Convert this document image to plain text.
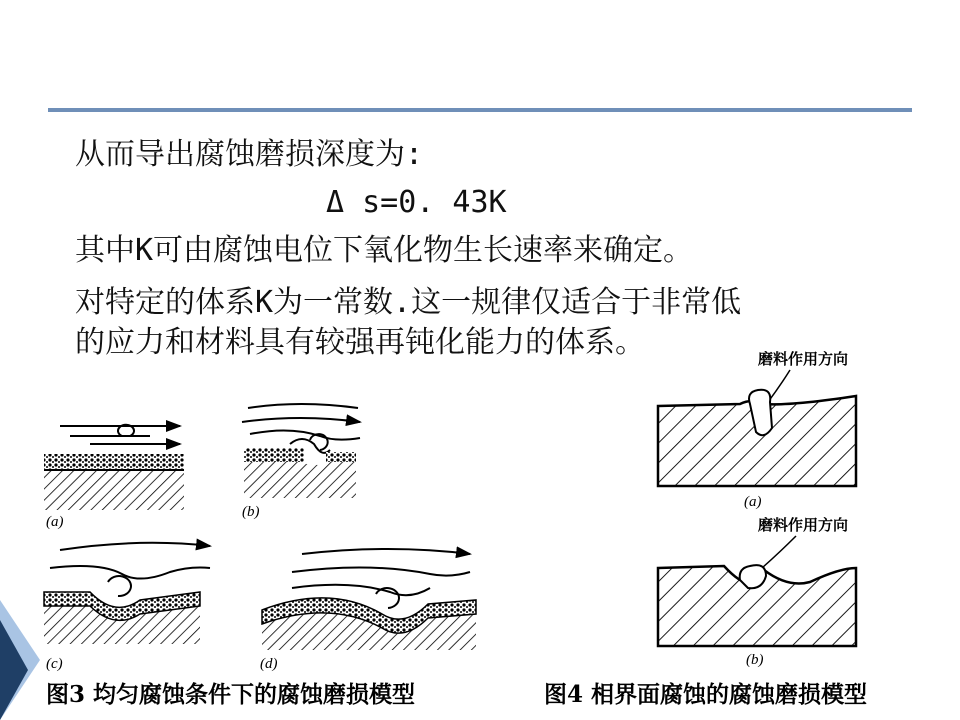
从而导出腐蚀磨损深度为:
Δ s=0. 43K
其中K可由腐蚀电位下氧化物生长速率来确定。
对特定的体系K为一常数.这一规律仅适合于非常低
的应力和材料具有较强再钝化能力的体系。
(a)
(b)
(c)	(d)
磨料作用方向
(a)
磨料作用方向
(b)
图3 均匀腐蚀条件下的腐蚀磨损模型	图4 相界面腐蚀的腐蚀磨损模型
